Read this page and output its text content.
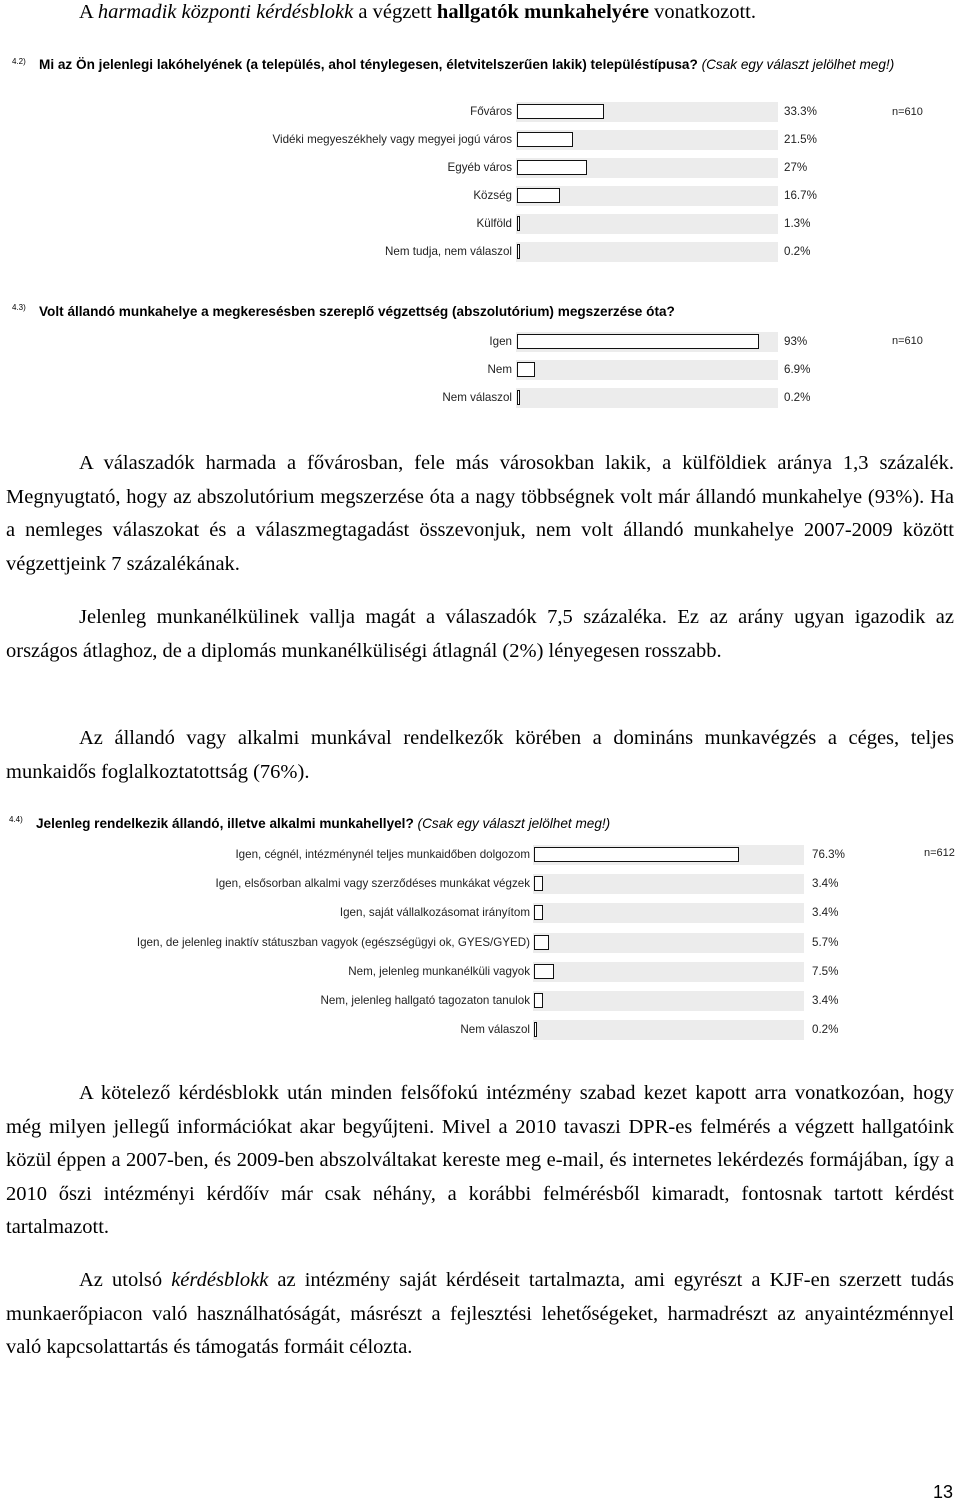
A harmadik központi kérdésblokk a végzett hallgatók munkahelyére vonatkozott.
4.2) Mi az Ön jelenlegi lakóhelyének (a település, ahol ténylegesen, életvitelszerűen lakik) településtípusa? (Csak egy választ jelölhet meg!)
n=610
Főváros	33.3%
Vidéki megyeszékhely vagy megyei jogú város	21.5%
Egyéb város	27%
Község	16.7%
Külföld	1.3%
Nem tudja, nem válaszol	0.2%
4.3) Volt állandó munkahelye a megkeresésben szereplő végzettség (abszolutórium) megszerzése óta?
n=610
Igen	93%
Nem	6.9%
Nem válaszol	0.2%

A válaszadók harmada a fővárosban, fele más városokban lakik, a külföldiek aránya 1,3 százalék. Megnyugtató, hogy az abszolutórium megszerzése óta a nagy többségnek volt már állandó munkahelye (93%). Ha a nemleges válaszokat és a válaszmegtagadást összevonjuk, nem volt állandó munkahelye 2007-2009 között végzettjeink 7 százalékának.

Jelenleg munkanélkülinek vallja magát a válaszadók 7,5 százaléka. Ez az arány ugyan igazodik az országos átlaghoz, de a diplomás munkanélküliségi átlagnál (2%) lényegesen rosszabb.

Az állandó vagy alkalmi munkával rendelkezők körében a domináns munkavégzés a céges, teljes munkaidős foglalkoztatottság (76%).

4.4) Jelenleg rendelkezik állandó, illetve alkalmi munkahellyel? (Csak egy választ jelölhet meg!)
n=612
Igen, cégnél, intézménynél teljes munkaidőben dolgozom	76.3%
Igen, elsősorban alkalmi vagy szerződéses munkákat végzek	3.4%
Igen, saját vállalkozásomat irányítom	3.4%
Igen, de jelenleg inaktív státuszban vagyok (egészségügyi ok, GYES/GYED)	5.7%
Nem, jelenleg munkanélküli vagyok	7.5%
Nem, jelenleg hallgató tagozaton tanulok	3.4%
Nem válaszol	0.2%

A kötelező kérdésblokk után minden felsőfokú intézmény szabad kezet kapott arra vonatkozóan, hogy még milyen jellegű információkat akar begyűjteni. Mivel a 2010 tavaszi DPR-es felmérés a végzett hallgatóink közül éppen a 2007-ben, és 2009-ben abszolváltakat kereste meg e-mail, és internetes lekérdezés formájában, így a 2010 őszi intézményi kérdőív már csak néhány, a korábbi felmérésből kimaradt, fontosnak tartott kérdést tartalmazott.

Az utolsó kérdésblokk az intézmény saját kérdéseit tartalmazta, ami egyrészt a KJF-en szerzett tudás munkaerőpiacon való használhatóságát, másrészt a fejlesztési lehetőségeket, harmadrészt az anyaintézménnyel való kapcsolattartás és támogatás formáit célozta.

13
